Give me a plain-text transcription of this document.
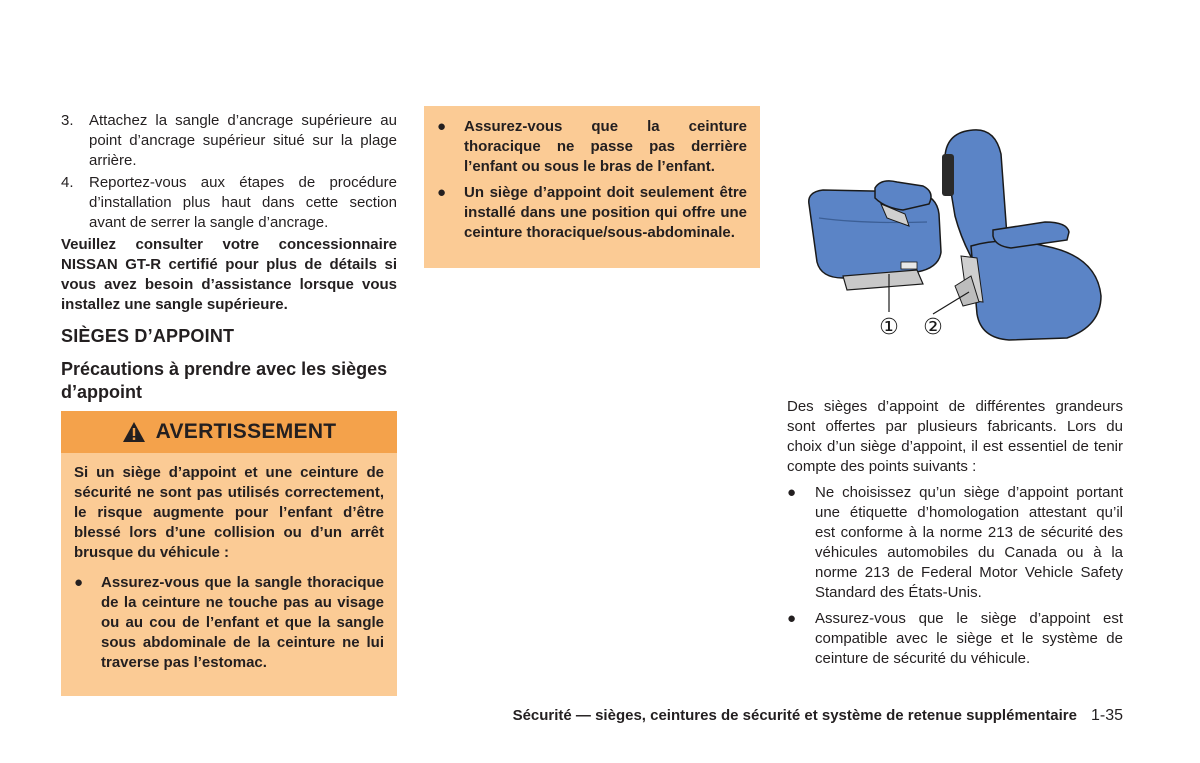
3. Attachez la sangle d’ancrage supérieure au point d’ancrage supérieur situé sur la plage arrière.
4. Reportez-vous aux étapes de procédure d’installation plus haut dans cette section avant de serrer la sangle d’ancrage.

Veuillez consulter votre concessionnaire NISSAN GT-R certifié pour plus de détails si vous avez besoin d’assistance lorsque vous installez une sangle supérieure.

SIÈGES D’APPOINT
Précautions à prendre avec les sièges d’appoint
AVERTISSEMENT

Si un siège d’appoint et une ceinture de sécurité ne sont pas utilisés correctement, le risque augmente pour l’enfant d’être blessé lors d’une collision ou d’un arrêt brusque du véhicule :

● Assurez-vous que la sangle thoracique de la ceinture ne touche pas au visage ou au cou de l’enfant et que la sangle sous abdominale de la ceinture ne lui traverse pas l’estomac.
● Assurez-vous que la ceinture thoracique ne passe pas derrière l’enfant ou sous le bras de l’enfant.
● Un siège d’appoint doit seulement être installé dans une position qui offre une ceinture thoracique/sous-abdominale.
① ②

Des sièges d’appoint de différentes grandeurs sont offertes par plusieurs fabricants. Lors du choix d’un siège d’appoint, il est essentiel de tenir compte des points suivants :

● Ne choisissez qu’un siège d’appoint portant une étiquette d’homologation attestant qu’il est conforme à la norme 213 de sécurité des véhicules automobiles du Canada ou à la norme 213 de Federal Motor Vehicle Safety Standard des États-Unis.
● Assurez-vous que le siège d’appoint est compatible avec le siège et le système de ceinture de sécurité du véhicule.
Sécurité — sièges, ceintures de sécurité et système de retenue supplémentaire 1-35
